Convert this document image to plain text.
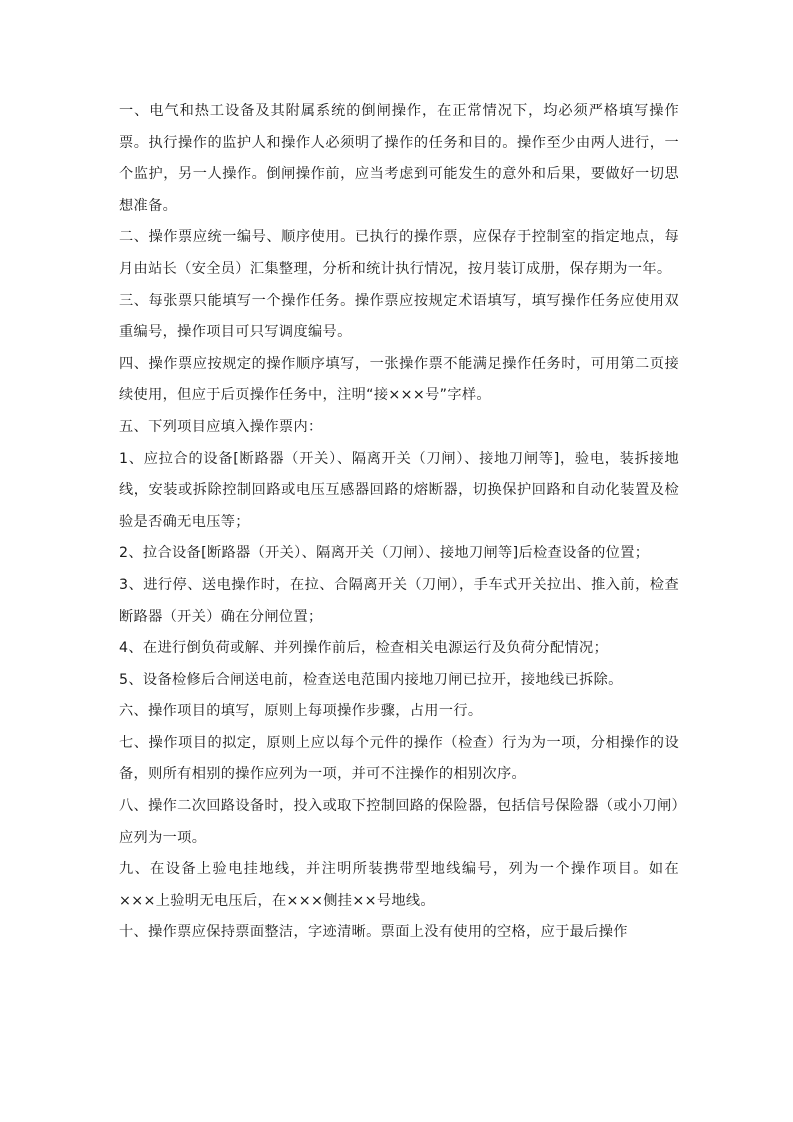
一、电气和热工设备及其附属系统的倒闸操作，在正常情况下，均必须严格填写操作票。执行操作的监护人和操作人必须明了操作的任务和目的。操作至少由两人进行，一个监护，另一人操作。倒闸操作前，应当考虑到可能发生的意外和后果，要做好一切思想准备。

二、操作票应统一编号、顺序使用。已执行的操作票，应保存于控制室的指定地点，每月由站长（安全员）汇集整理，分析和统计执行情况，按月装订成册，保存期为一年。

三、每张票只能填写一个操作任务。操作票应按规定术语填写，填写操作任务应使用双重编号，操作项目可只写调度编号。

四、操作票应按规定的操作顺序填写，一张操作票不能满足操作任务时，可用第二页接续使用，但应于后页操作任务中，注明“接×××号”字样。

五、下列项目应填入操作票内：

1、应拉合的设备[断路器（开关）、隔离开关（刀闸）、接地刀闸等]，验电，装拆接地线，安装或拆除控制回路或电压互感器回路的熔断器，切换保护回路和自动化装置及检验是否确无电压等；

2、拉合设备[断路器（开关）、隔离开关（刀闸）、接地刀闸等]后检查设备的位置；

3、进行停、送电操作时，在拉、合隔离开关（刀闸），手车式开关拉出、推入前，检查断路器（开关）确在分闸位置；

4、在进行倒负荷或解、并列操作前后，检查相关电源运行及负荷分配情况；

5、设备检修后合闸送电前，检查送电范围内接地刀闸已拉开，接地线已拆除。

六、操作项目的填写，原则上每项操作步骤，占用一行。

七、操作项目的拟定，原则上应以每个元件的操作（检查）行为为一项，分相操作的设备，则所有相别的操作应列为一项，并可不注操作的相别次序。

八、操作二次回路设备时，投入或取下控制回路的保险器，包括信号保险器（或小刀闸）应列为一项。

九、在设备上验电挂地线，并注明所装携带型地线编号，列为一个操作项目。如在×××上验明无电压后，在×××侧挂××号地线。

十、操作票应保持票面整洁，字迹清晰。票面上没有使用的空格，应于最后操作
